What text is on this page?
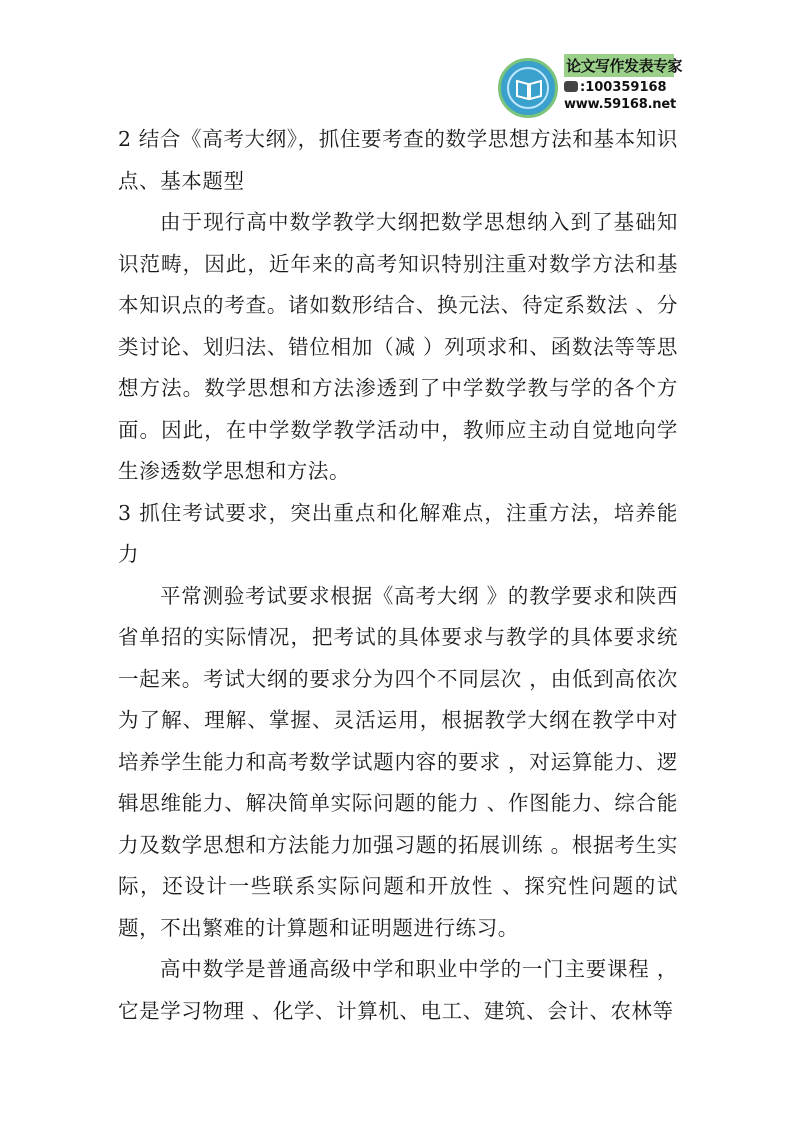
论文写作发表专家
:100359168
www.59168.net

2 结合《高考大纲》，抓住要考查的数学思想方法和基本知识点、基本题型

由于现行高中数学教学大纲把数学思想纳入到了基础知识范畴，因此，近年来的高考知识特别注重对数学方法和基本知识点的考查。诸如数形结合、换元法、待定系数法 、分类讨论、划归法、错位相加（减 ）列项求和、函数法等等思想方法。数学思想和方法渗透到了中学数学教与学的各个方面。因此，在中学数学教学活动中，教师应主动自觉地向学生渗透数学思想和方法。

3 抓住考试要求，突出重点和化解难点，注重方法，培养能力

平常测验考试要求根据《高考大纲 》的教学要求和陕西省单招的实际情况，把考试的具体要求与教学的具体要求统一起来。考试大纲的要求分为四个不同层次 ，由低到高依次为了解、理解、掌握、灵活运用，根据教学大纲在教学中对培养学生能力和高考数学试题内容的要求 ，对运算能力、逻辑思维能力、解决简单实际问题的能力 、作图能力、综合能力及数学思想和方法能力加强习题的拓展训练 。根据考生实际，还设计一些联系实际问题和开放性 、探究性问题的试题，不出繁难的计算题和证明题进行练习。

高中数学是普通高级中学和职业中学的一门主要课程 ，它是学习物理 、化学、计算机、电工、建筑、会计、农林等
